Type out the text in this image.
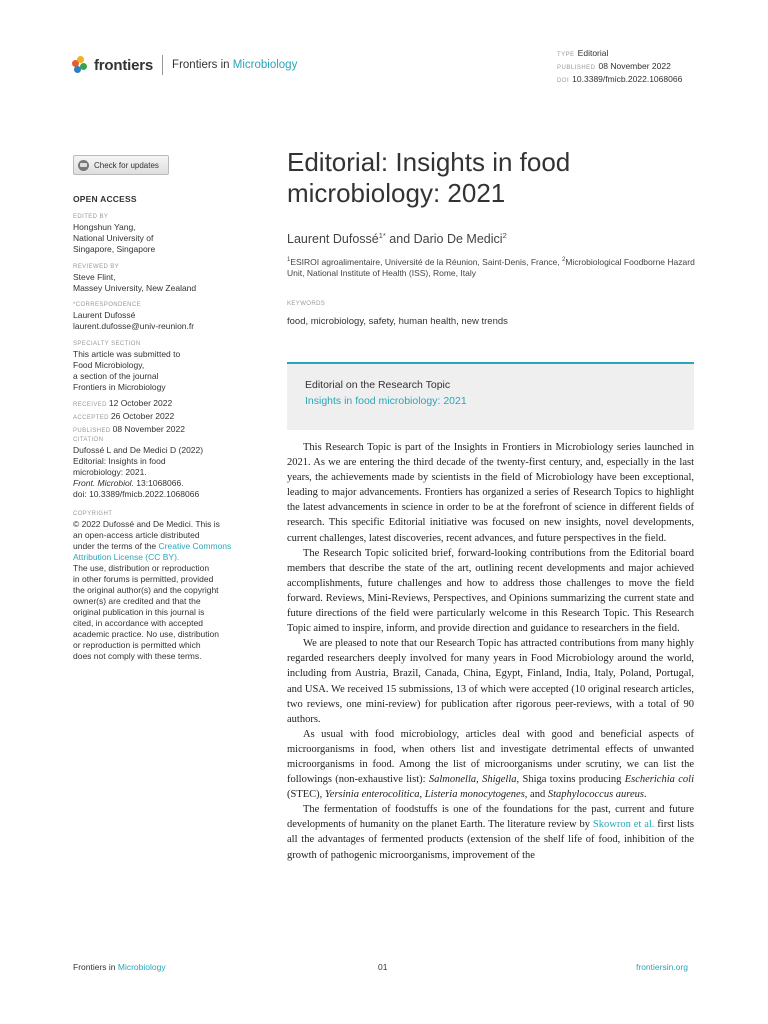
frontiers Frontiers in Microbiology
TYPE Editorial
PUBLISHED 08 November 2022
DOI 10.3389/fmicb.2022.1068066
Check for updates
OPEN ACCESS
EDITED BY
Hongshun Yang,
National University of
Singapore, Singapore
REVIEWED BY
Steve Flint,
Massey University, New Zealand
*CORRESPONDENCE
Laurent Dufossé
laurent.dufosse@univ-reunion.fr
SPECIALTY SECTION
This article was submitted to
Food Microbiology,
a section of the journal
Frontiers in Microbiology
RECEIVED 12 October 2022
ACCEPTED 26 October 2022
PUBLISHED 08 November 2022
CITATION
Dufossé L and De Medici D (2022)
Editorial: Insights in food
microbiology: 2021.
Front. Microbiol. 13:1068066.
doi: 10.3389/fmicb.2022.1068066
COPYRIGHT
© 2022 Dufossé and De Medici. This is
an open-access article distributed
under the terms of the Creative Commons Attribution License (CC BY).
The use, distribution or reproduction
in other forums is permitted, provided
the original author(s) and the copyright
owner(s) are credited and that the
original publication in this journal is
cited, in accordance with accepted
academic practice. No use, distribution
or reproduction is permitted which
does not comply with these terms.
Editorial: Insights in food
microbiology: 2021
Laurent Dufossé$^{1*}$ and Dario De Medici$^2$
$^1$ESIROI agroalimentaire, Université de la Réunion, Saint-Denis, France, $^2$Microbiological Foodborne Hazard Unit, National Institute of Health (ISS), Rome, Italy
KEYWORDS
food, microbiology, safety, human health, new trends
Editorial on the Research Topic
Insights in food microbiology: 2021

This Research Topic is part of the Insights in Frontiers in Microbiology series launched in 2021. As we are entering the third decade of the twenty-first century, and, especially in the last years, the achievements made by scientists in the field of Microbiology have been exceptional, leading to major advancements. Frontiers has organized a series of Research Topics to highlight the latest advancements in science in order to be at the forefront of science in different fields of research. This specific Editorial initiative was focused on new insights, novel developments, current challenges, latest discoveries, recent advances, and future perspectives in the field.

The Research Topic solicited brief, forward-looking contributions from the Editorial board members that describe the state of the art, outlining recent developments and major achieved accomplishments, future challenges and how to address those challenges to move the field forward. Reviews, Mini-Reviews, Perspectives, and Opinions summarizing the current state and future directions of the field were particularly welcome in this Research Topic. This Research Topic aimed to inspire, inform, and provide direction and guidance to researchers in the field.

We are pleased to note that our Research Topic has attracted contributions from many highly regarded researchers deeply involved for many years in Food Microbiology around the world, including from Austria, Brazil, Canada, China, Egypt, Finland, India, Italy, Poland, Portugal, and USA. We received 15 submissions, 13 of which were accepted (10 original research articles, two reviews, one mini-review) for publication after rigorous peer-reviews, with a total of 90 authors.

As usual with food microbiology, articles deal with good and beneficial aspects of microorganisms in food, when others list and investigate detrimental effects of unwanted microorganisms in food. Among the list of microorganisms under scrutiny, we can list the followings (non-exhaustive list): Salmonella, Shigella, Shiga toxins producing Escherichia coli (STEC), Yersinia enterocolitica, Listeria monocytogenes, and Staphylococcus aureus.

The fermentation of foodstuffs is one of the foundations for the past, current and future developments of humanity on the planet Earth. The literature review by Skowron et al. first lists all the advantages of fermented products (extension of the shelf life of food, inhibition of the growth of pathogenic microorganisms, improvement of the

Frontiers in Microbiology	01	frontiersin.org
